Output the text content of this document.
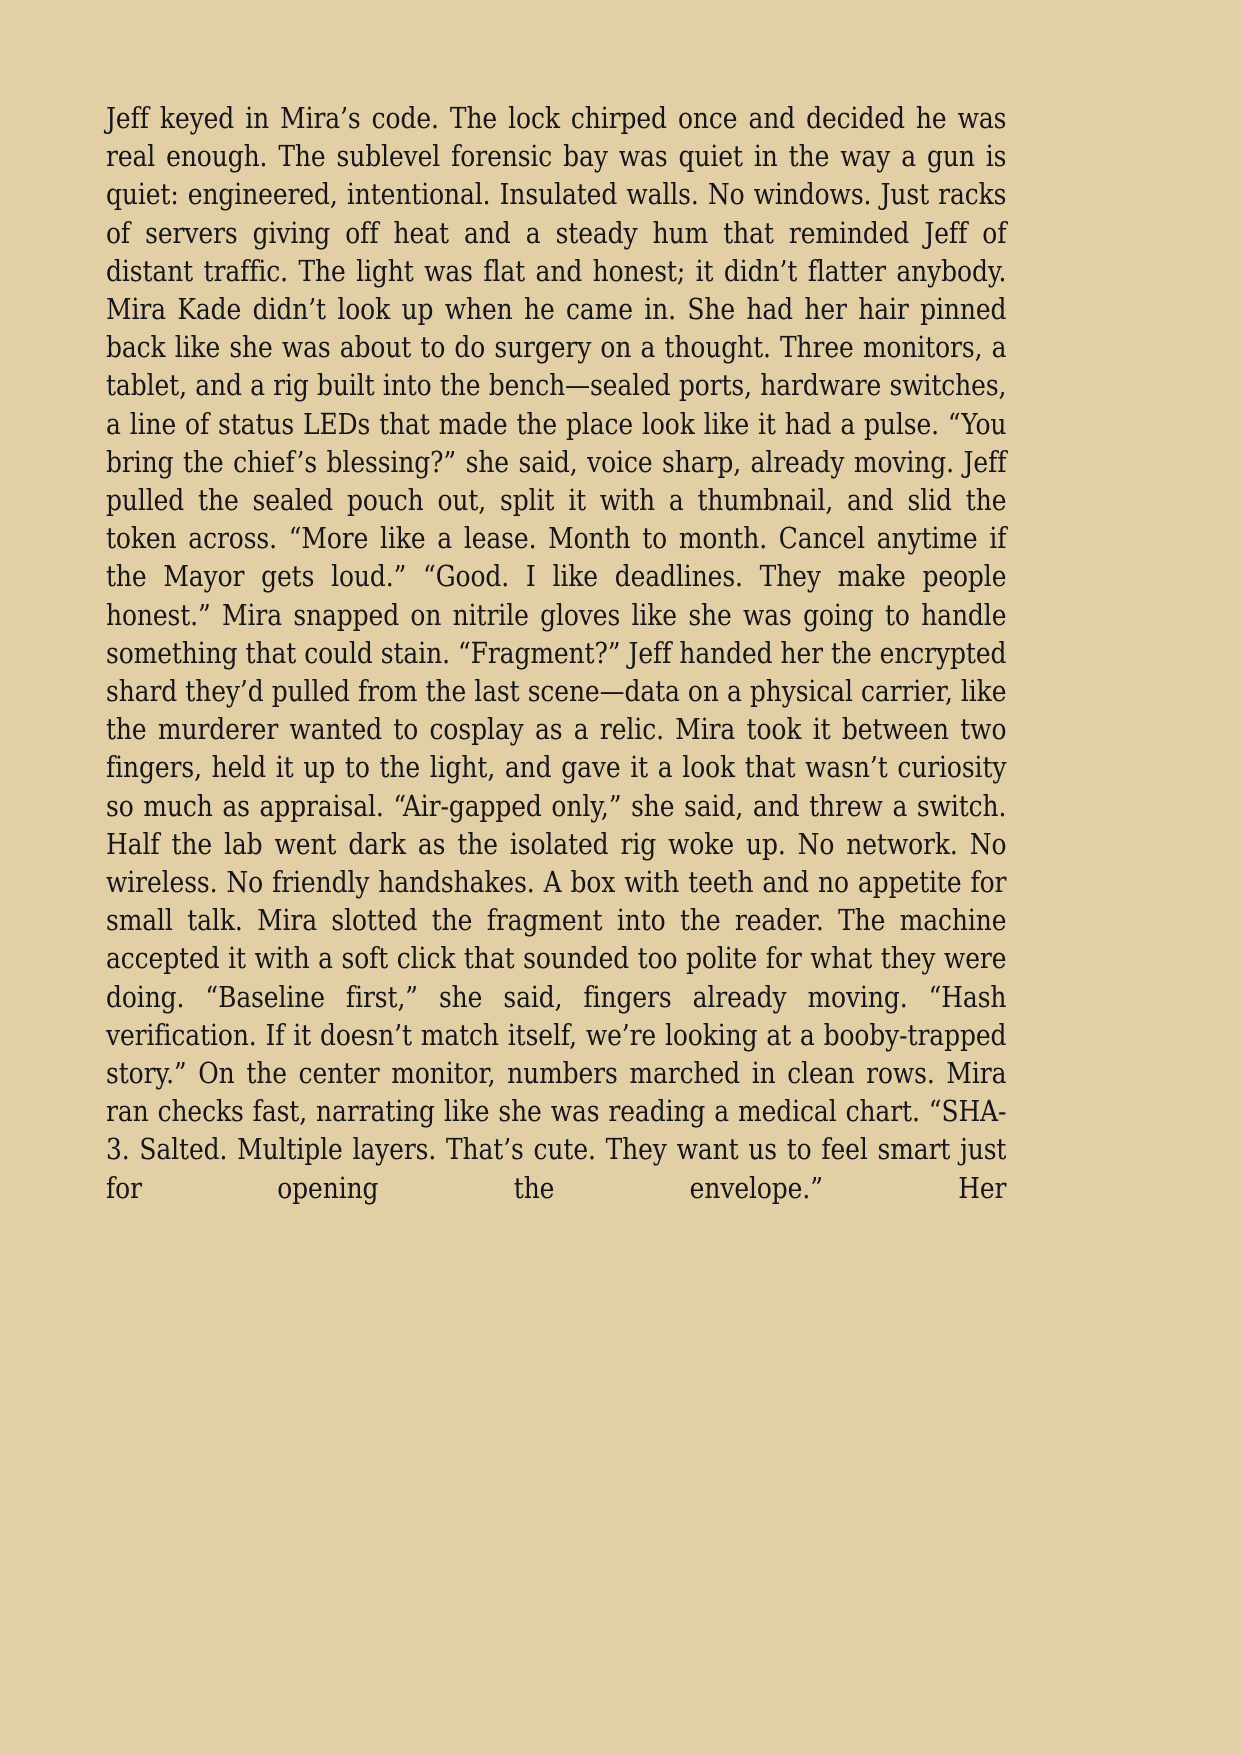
Jeff keyed in Mira’s code. The lock chirped once and decided he was real enough. The sublevel forensic bay was quiet in the way a gun is quiet: engineered, intentional. Insulated walls. No windows. Just racks of servers giving off heat and a steady hum that reminded Jeff of distant traffic. The light was flat and honest; it didn’t flatter anybody. Mira Kade didn’t look up when he came in. She had her hair pinned back like she was about to do surgery on a thought. Three monitors, a tablet, and a rig built into the bench—sealed ports, hardware switches, a line of status LEDs that made the place look like it had a pulse. “You bring the chief’s blessing?” she said, voice sharp, already moving. Jeff pulled the sealed pouch out, split it with a thumbnail, and slid the token across. “More like a lease. Month to month. Cancel anytime if the Mayor gets loud.” “Good. I like deadlines. They make people honest.” Mira snapped on nitrile gloves like she was going to handle something that could stain. “Fragment?” Jeff handed her the encrypted shard they’d pulled from the last scene—data on a physical carrier, like the murderer wanted to cosplay as a relic. Mira took it between two fingers, held it up to the light, and gave it a look that wasn’t curiosity so much as appraisal. “Air-gapped only,” she said, and threw a switch. Half the lab went dark as the isolated rig woke up. No network. No wireless. No friendly handshakes. A box with teeth and no appetite for small talk. Mira slotted the fragment into the reader. The machine accepted it with a soft click that sounded too polite for what they were doing. “Baseline first,” she said, fingers already moving. “Hash verification. If it doesn’t match itself, we’re looking at a booby-trapped story.” On the center monitor, numbers marched in clean rows. Mira ran checks fast, narrating like she was reading a medical chart. “SHA-3. Salted. Multiple layers. That’s cute. They want us to feel smart just for opening the envelope.” Her
